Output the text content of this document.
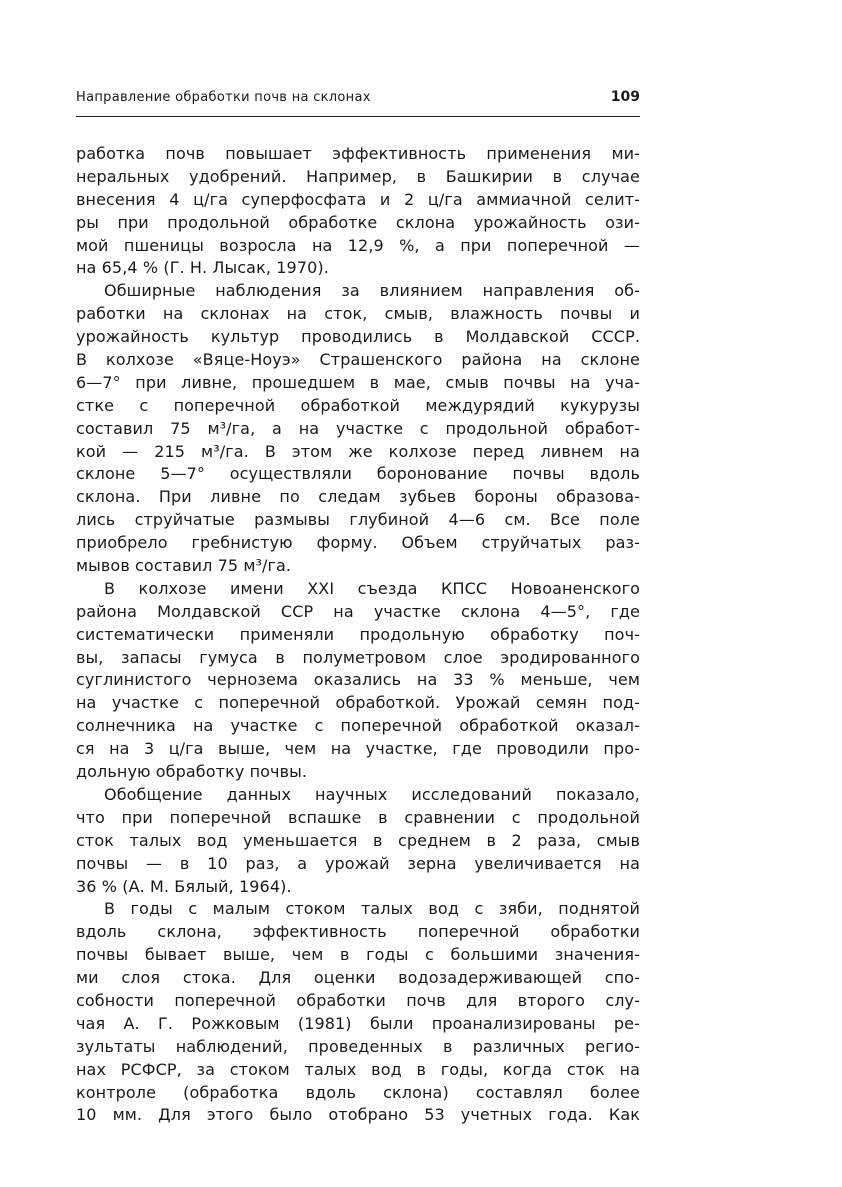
Направление обработки почв на склонах	109
работка почв повышает эффективность применения ми-
неральных удобрений. Например, в Башкирии в случае
внесения 4 ц/га суперфосфата и 2 ц/га аммиачной селит-
ры при продольной обработке склона урожайность ози-
мой пшеницы возросла на 12,9 %, а при поперечной —
на 65,4 % (Г. Н. Лысак, 1970).
Обширные наблюдения за влиянием направления об-
работки на склонах на сток, смыв, влажность почвы и
урожайность культур проводились в Молдавской СССР.
В колхозе «Вяце-Ноуэ» Страшенского района на склоне
6—7° при ливне, прошедшем в мае, смыв почвы на уча-
стке с поперечной обработкой междурядий кукурузы
составил 75 м³/га, а на участке с продольной обработ-
кой — 215 м³/га. В этом же колхозе перед ливнем на
склоне 5—7° осуществляли боронование почвы вдоль
склона. При ливне по следам зубьев бороны образова-
лись струйчатые размывы глубиной 4—6 см. Все поле
приобрело гребнистую форму. Объем струйчатых раз-
мывов составил 75 м³/га.
В колхозе имени XXI съезда КПСС Новоаненского
района Молдавской ССР на участке склона 4—5°, где
систематически применяли продольную обработку поч-
вы, запасы гумуса в полуметровом слое эродированного
суглинистого чернозема оказались на 33 % меньше, чем
на участке с поперечной обработкой. Урожай семян под-
солнечника на участке с поперечной обработкой оказал-
ся на 3 ц/га выше, чем на участке, где проводили про-
дольную обработку почвы.
Обобщение данных научных исследований показало,
что при поперечной вспашке в сравнении с продольной
сток талых вод уменьшается в среднем в 2 раза, смыв
почвы — в 10 раз, а урожай зерна увеличивается на
36 % (А. М. Бялый, 1964).
В годы с малым стоком талых вод с зяби, поднятой
вдоль склона, эффективность поперечной обработки
почвы бывает выше, чем в годы с большими значения-
ми слоя стока. Для оценки водозадерживающей спо-
собности поперечной обработки почв для второго слу-
чая А. Г. Рожковым (1981) были проанализированы ре-
зультаты наблюдений, проведенных в различных регио-
нах РСФСР, за стоком талых вод в годы, когда сток на
контроле (обработка вдоль склона) составлял более
10 мм. Для этого было отобрано 53 учетных года. Как
